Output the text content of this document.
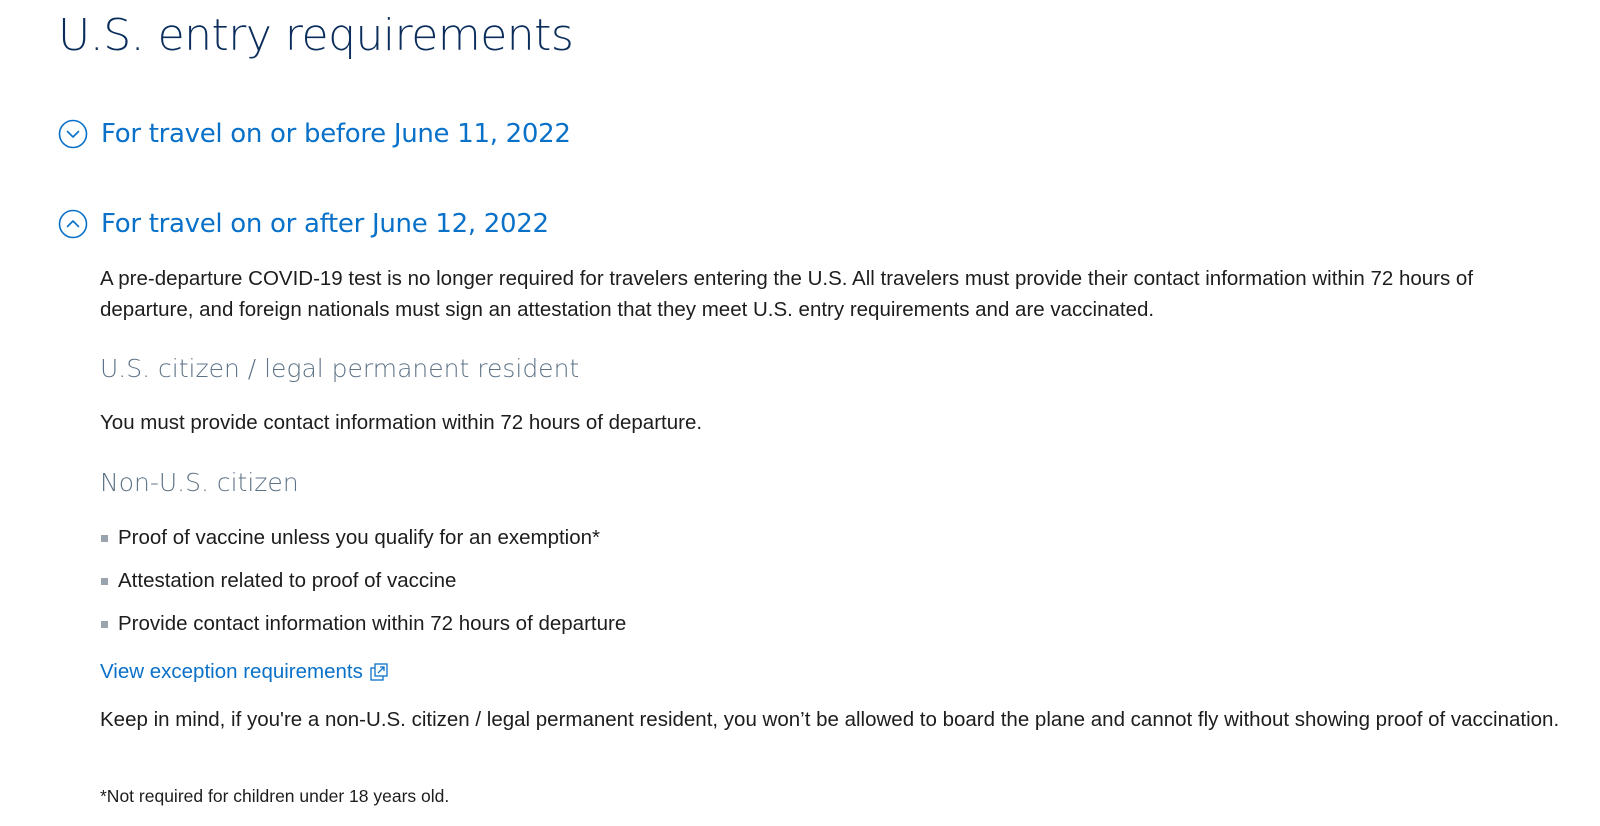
U.S. entry requirements
For travel on or before June 11, 2022
For travel on or after June 12, 2022

A pre-departure COVID-19 test is no longer required for travelers entering the U.S. All travelers must provide their contact information within 72 hours of departure, and foreign nationals must sign an attestation that they meet U.S. entry requirements and are vaccinated.

U.S. citizen / legal permanent resident

You must provide contact information within 72 hours of departure.

Non-U.S. citizen
Proof of vaccine unless you qualify for an exemption*
Attestation related to proof of vaccine
Provide contact information within 72 hours of departure
View exception requirements

Keep in mind, if you're a non-U.S. citizen / legal permanent resident, you won’t be allowed to board the plane and cannot fly without showing proof of vaccination.

*Not required for children under 18 years old.
